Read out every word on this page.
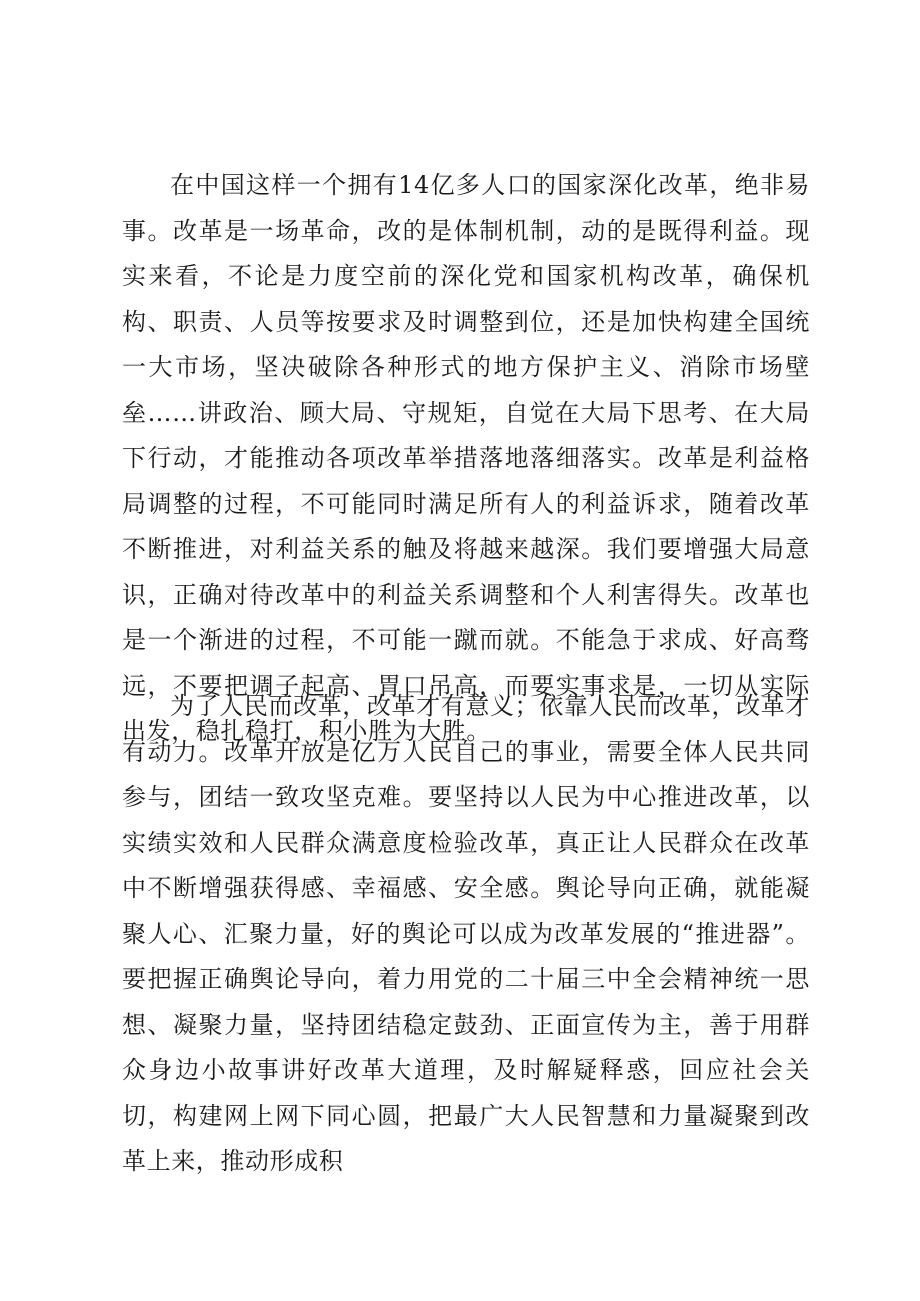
在中国这样一个拥有14亿多人口的国家深化改革，绝非易事。改革是一场革命，改的是体制机制，动的是既得利益。现实来看，不论是力度空前的深化党和国家机构改革，确保机构、职责、人员等按要求及时调整到位，还是加快构建全国统一大市场，坚决破除各种形式的地方保护主义、消除市场壁垒……讲政治、顾大局、守规矩，自觉在大局下思考、在大局下行动，才能推动各项改革举措落地落细落实。改革是利益格局调整的过程，不可能同时满足所有人的利益诉求，随着改革不断推进，对利益关系的触及将越来越深。我们要增强大局意识，正确对待改革中的利益关系调整和个人利害得失。改革也是一个渐进的过程，不可能一蹴而就。不能急于求成、好高骛远，不要把调子起高、胃口吊高，而要实事求是，一切从实际出发，稳扎稳打，积小胜为大胜。

为了人民而改革，改革才有意义；依靠人民而改革，改革才有动力。改革开放是亿万人民自己的事业，需要全体人民共同参与，团结一致攻坚克难。要坚持以人民为中心推进改革，以实绩实效和人民群众满意度检验改革，真正让人民群众在改革中不断增强获得感、幸福感、安全感。舆论导向正确，就能凝聚人心、汇聚力量，好的舆论可以成为改革发展的“推进器”。要把握正确舆论导向，着力用党的二十届三中全会精神统一思想、凝聚力量，坚持团结稳定鼓劲、正面宣传为主，善于用群众身边小故事讲好改革大道理，及时解疑释惑，回应社会关切，构建网上网下同心圆，把最广大人民智慧和力量凝聚到改革上来，推动形成积
